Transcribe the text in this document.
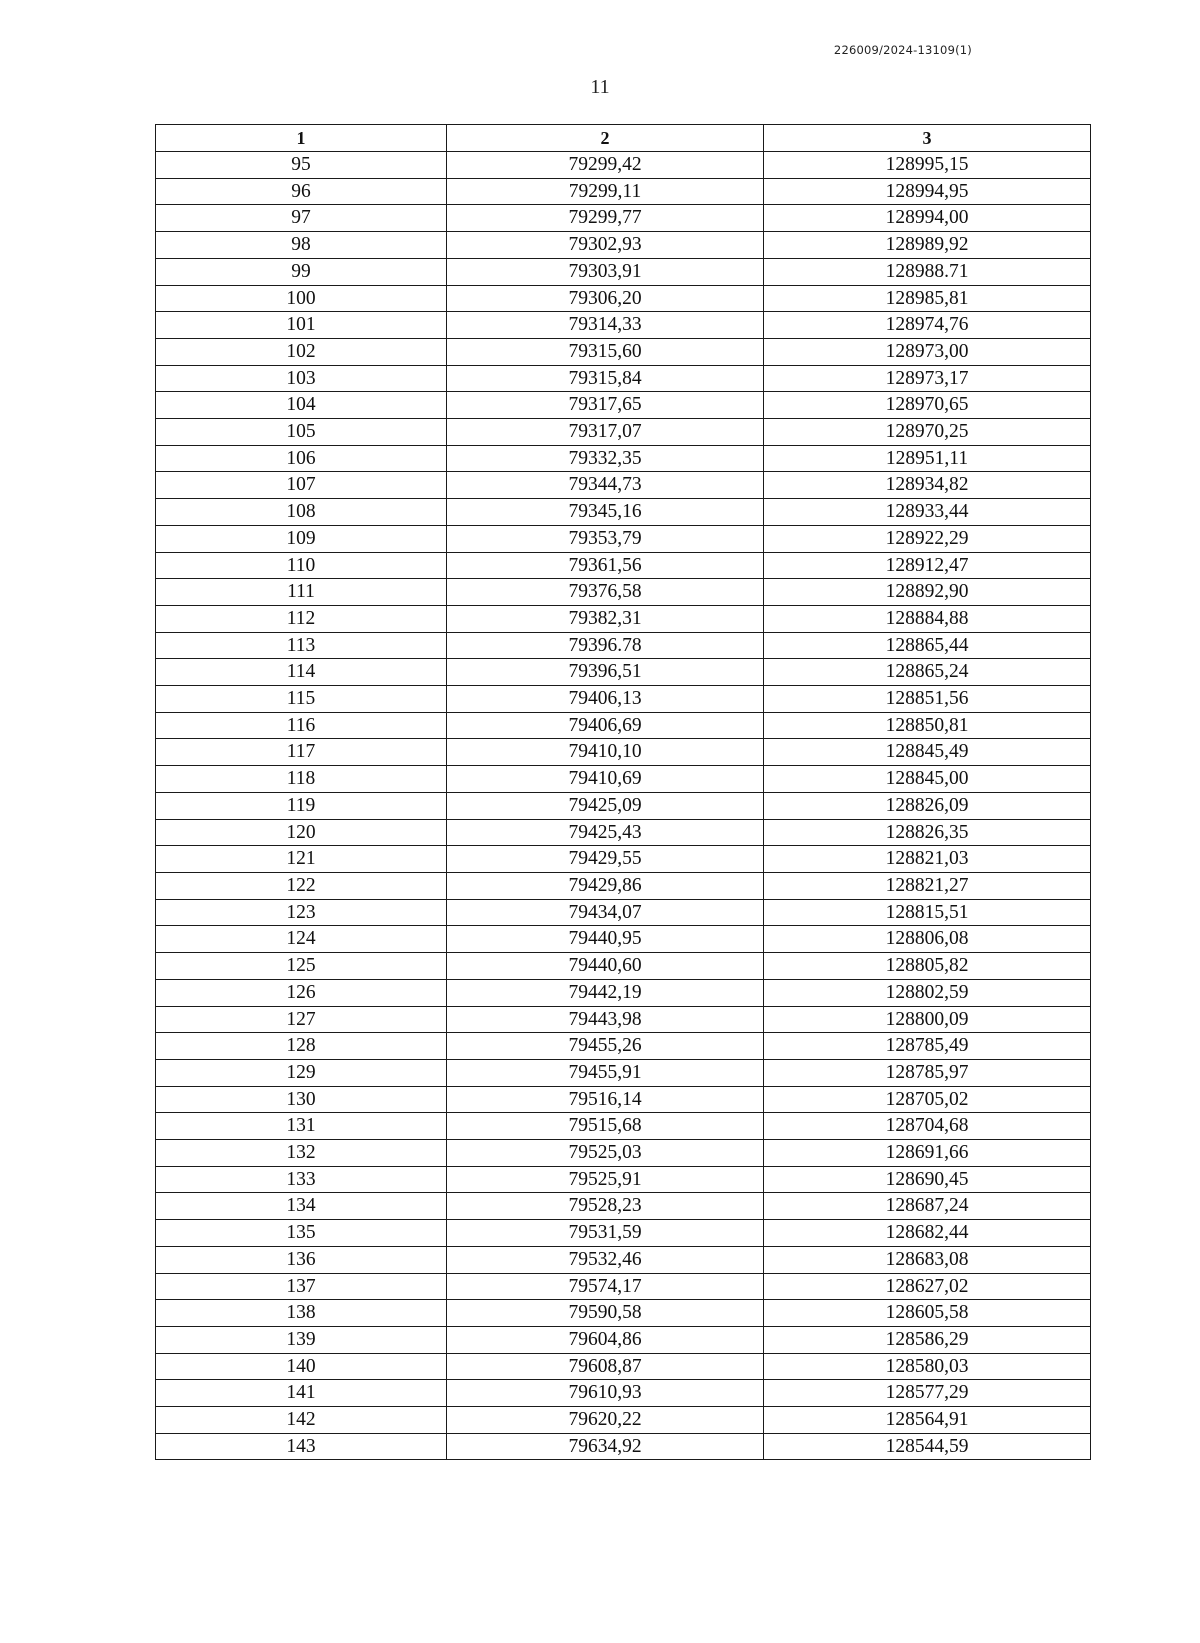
226009/2024-13109(1)
11
1	2	3
95	79299,42	128995,15
96	79299,11	128994,95
97	79299,77	128994,00
98	79302,93	128989,92
99	79303,91	128988.71
100	79306,20	128985,81
101	79314,33	128974,76
102	79315,60	128973,00
103	79315,84	128973,17
104	79317,65	128970,65
105	79317,07	128970,25
106	79332,35	128951,11
107	79344,73	128934,82
108	79345,16	128933,44
109	79353,79	128922,29
110	79361,56	128912,47
111	79376,58	128892,90
112	79382,31	128884,88
113	79396.78	128865,44
114	79396,51	128865,24
115	79406,13	128851,56
116	79406,69	128850,81
117	79410,10	128845,49
118	79410,69	128845,00
119	79425,09	128826,09
120	79425,43	128826,35
121	79429,55	128821,03
122	79429,86	128821,27
123	79434,07	128815,51
124	79440,95	128806,08
125	79440,60	128805,82
126	79442,19	128802,59
127	79443,98	128800,09
128	79455,26	128785,49
129	79455,91	128785,97
130	79516,14	128705,02
131	79515,68	128704,68
132	79525,03	128691,66
133	79525,91	128690,45
134	79528,23	128687,24
135	79531,59	128682,44
136	79532,46	128683,08
137	79574,17	128627,02
138	79590,58	128605,58
139	79604,86	128586,29
140	79608,87	128580,03
141	79610,93	128577,29
142	79620,22	128564,91
143	79634,92	128544,59
